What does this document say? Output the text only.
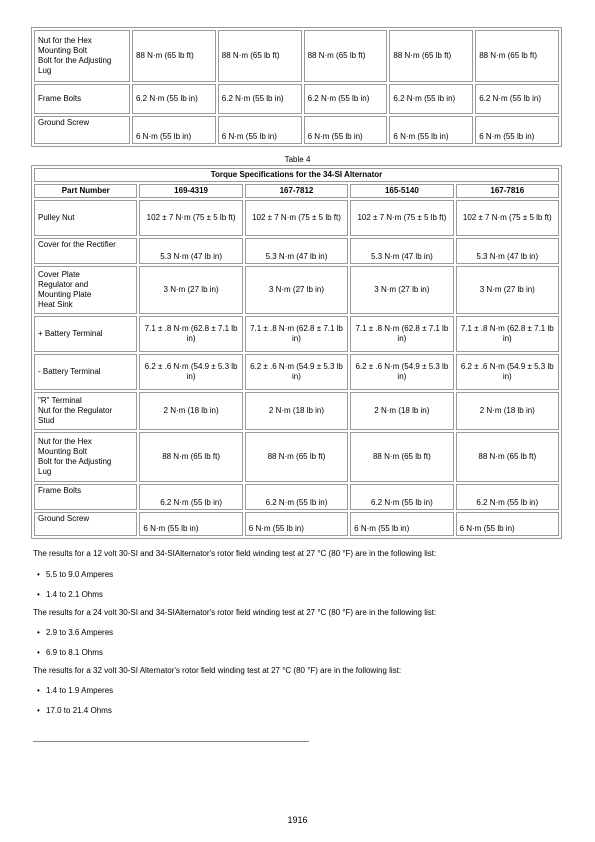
Nut for the Hex
Mounting Bolt
Bolt for the Adjusting
Lug	88 N·m (65 lb ft)	88 N·m (65 lb ft)	88 N·m (65 lb ft)	88 N·m (65 lb ft)	88 N·m (65 lb ft)
Frame Bolts	6.2 N·m (55 lb in)	6.2 N·m (55 lb in)	6.2 N·m (55 lb in)	6.2 N·m (55 lb in)	6.2 N·m (55 lb in)
Ground Screw	6 N·m (55 lb in)	6 N·m (55 lb in)	6 N·m (55 lb in)	6 N·m (55 lb in)	6 N·m (55 lb in)
Table 4
Torque Specifications for the 34-SI Alternator				
Part Number	169-4319	167-7812	165-5140	167-7816
Pulley Nut	102 ± 7 N·m (75 ± 5 lb ft)	102 ± 7 N·m (75 ± 5 lb ft)	102 ± 7 N·m (75 ± 5 lb ft)	102 ± 7 N·m (75 ± 5 lb ft)
Cover for the Rectifier	5.3 N·m (47 lb in)	5.3 N·m (47 lb in)	5.3 N·m (47 lb in)	5.3 N·m (47 lb in)
Cover Plate
Regulator and
Mounting Plate
Heat Sink	3 N·m (27 lb in)	3 N·m (27 lb in)	3 N·m (27 lb in)	3 N·m (27 lb in)
+ Battery Terminal	7.1 ± .8 N·m (62.8 ± 7.1 lb in)	7.1 ± .8 N·m (62.8 ± 7.1 lb in)	7.1 ± .8 N·m (62.8 ± 7.1 lb in)	7.1 ± .8 N·m (62.8 ± 7.1 lb in)
- Battery Terminal	6.2 ± .6 N·m (54.9 ± 5.3 lb in)	6.2 ± .6 N·m (54.9 ± 5.3 lb in)	6.2 ± .6 N·m (54.9 ± 5.3 lb in)	6.2 ± .6 N·m (54.9 ± 5.3 lb in)
"R" Terminal
Nut for the Regulator
Stud	2 N·m (18 lb in)	2 N·m (18 lb in)	2 N·m (18 lb in)	2 N·m (18 lb in)
Nut for the Hex
Mounting Bolt
Bolt for the Adjusting
Lug	88 N·m (65 lb ft)	88 N·m (65 lb ft)	88 N·m (65 lb ft)	88 N·m (65 lb ft)
Frame Bolts	6.2 N·m (55 lb in)	6.2 N·m (55 lb in)	6.2 N·m (55 lb in)	6.2 N·m (55 lb in)
Ground Screw	6 N·m (55 lb in)	6 N·m (55 lb in)	6 N·m (55 lb in)	6 N·m (55 lb in)
The results for a 12 volt 30-SI and 34-SIAlternator's rotor field winding test at 27 °C (80 °F) are in the following list:
• 5.5 to 9.0 Amperes
• 1.4 to 2.1 Ohms
The results for a 24 volt 30-SI and 34-SIAlternator's rotor field winding test at 27 °C (80 °F) are in the following list:
• 2.9 to 3.6 Amperes
• 6.9 to 8.1 Ohms
The results for a 32 volt 30-SI Alternator's rotor field winding test at 27 °C (80 °F) are in the following list:
• 1.4 to 1.9 Amperes
• 17.0 to 21.4 Ohms
1916
